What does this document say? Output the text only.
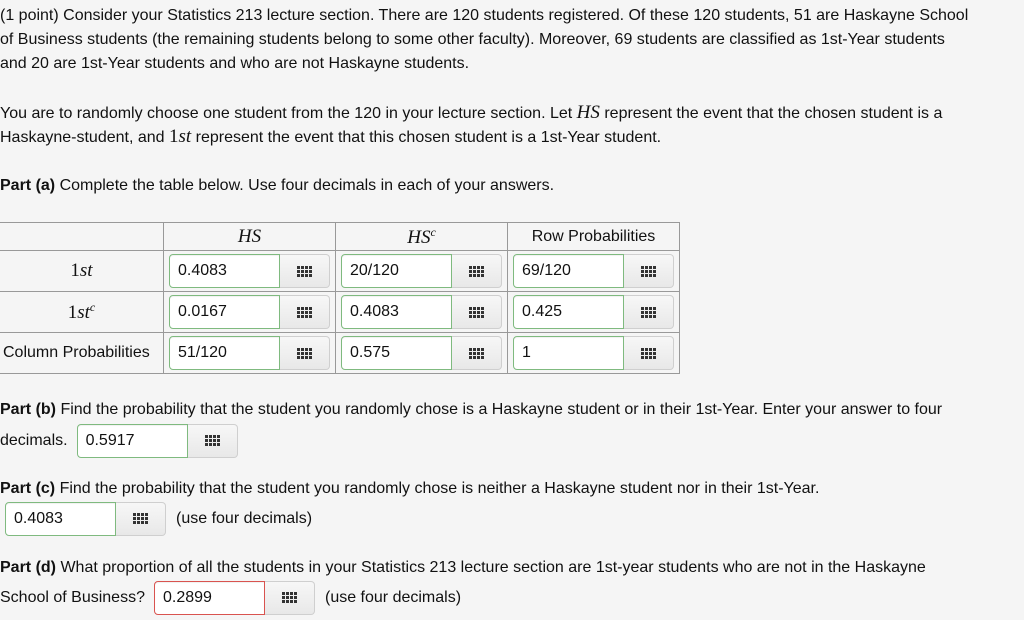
(1 point) Consider your Statistics 213 lecture section. There are 120 students registered. Of these 120 students, 51 are Haskayne School
of Business students (the remaining students belong to some other faculty). Moreover, 69 students are classified as 1st-Year students
and 20 are 1st-Year students and who are not Haskayne students.
You are to randomly choose one student from the 120 in your lecture section. Let HS represent the event that the chosen student is a
Haskayne-student, and 1st represent the event that this chosen student is a 1st-Year student.
Part (a) Complete the table below. Use four decimals in each of your answers.
	HS	$HS^c$	Row Probabilities
1st	0.4083	20/120	69/120

$1st^c$	0.0167	0.4083	0.425

Column Probabilities	51/120	0.575	1
Part (b) Find the probability that the student you randomly chose is a Haskayne student or in their 1st-Year. Enter your answer to four
decimals.	0.5917
Part (c) Find the probability that the student you randomly chose is neither a Haskayne student nor in their 1st-Year.
0.4083	(use four decimals)
Part (d) What proportion of all the students in your Statistics 213 lecture section are 1st-year students who are not in the Haskayne
School of Business?	0.2899	(use four decimals)
